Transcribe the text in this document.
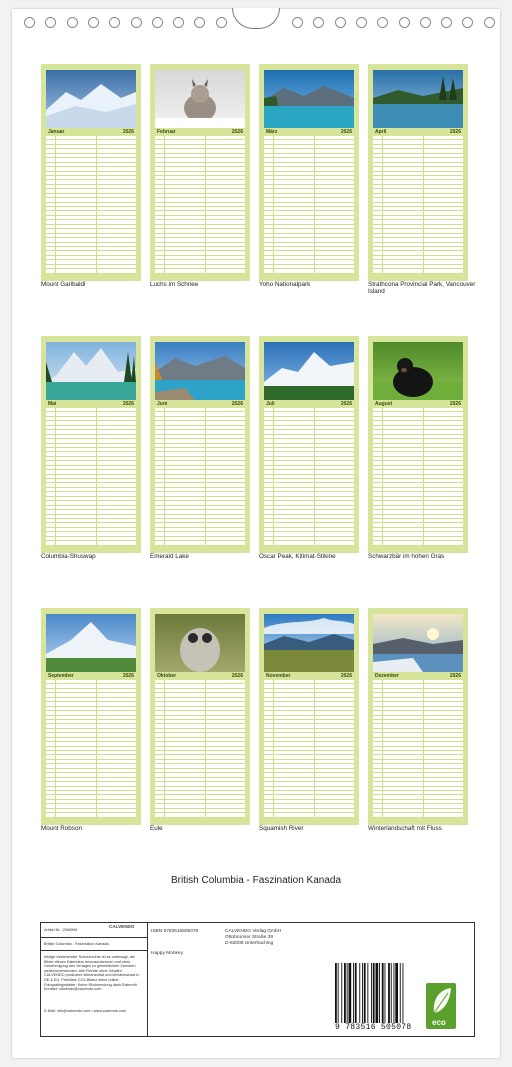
Januar	2026
Mount Garibaldi
Februar	2026
Luchs im Schnee
März	2026
Yoho Nationalpark
April	2026
Strathcona Provincial Park, Vancouver Island
Mai	2026
Columbia-Shuswap
Juni	2026
Emerald Lake
Juli	2026
Oscar Peak, Kitimat-Stikine
August	2026
Schwarzbär im hohen Gras
September	2026
Mount Robson
Oktober	2026
Eule
November	2026
Squamish River
Dezember	2026
Winterlandschaft mit Fluss
British Columbia - Faszination Kanada
Artikel Nr.: 2066596
CALVENDO
British Columbia - Faszination Kanada
Infolge bestehender Schutzrechte ist es untersagt, die Bilder dieses Kalenders herauszutrennen und ohne Genehmigung des Verlages zu gewerblichen Zwecken weiterzuverwenden. Alle Rechte ohne Gewähr. CALVENDO produziert klimaneutral und klimabewusst in DE & EU. Preisliste CO2-Bilanz siehe online. Fotografiegestalter: Keine Rücksendung dank Eiskredit. Kontakt: calvendo@calvendo.com
E-Mail: info@calvendo.com • www.calvendo.com
ISBN 9783516505078
Happy Monkey
CALVENDO Verlag GmbH
Ottobrunner Straße 39
D-82008 Unterhaching
9 783516 505078
eco
